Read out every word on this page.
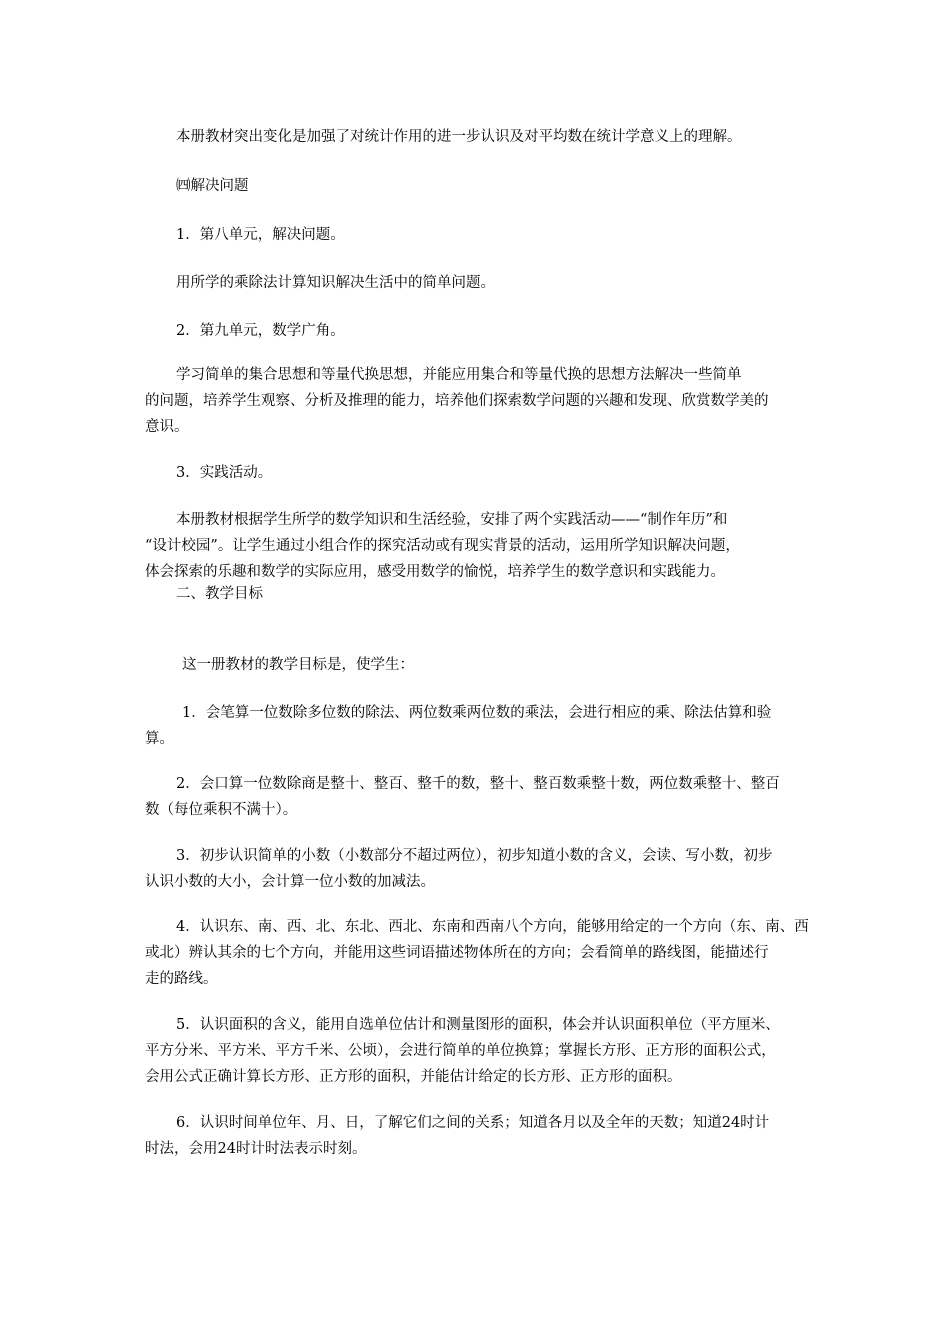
本册教材突出变化是加强了对统计作用的进一步认识及对平均数在统计学意义上的理解。

㈣解决问题

1．第八单元，解决问题。

用所学的乘除法计算知识解决生活中的简单问题。

2．第九单元，数学广角。

学习简单的集合思想和等量代换思想，并能应用集合和等量代换的思想方法解决一些简单
的问题，培养学生观察、分析及推理的能力，培养他们探索数学问题的兴趣和发现、欣赏数学美的
意识。

3．实践活动。

本册教材根据学生所学的数学知识和生活经验，安排了两个实践活动——“制作年历”和
“设计校园”。让学生通过小组合作的探究活动或有现实背景的活动，运用所学知识解决问题，
体会探索的乐趣和数学的实际应用，感受用数学的愉悦，培养学生的数学意识和实践能力。

二、教学目标

这一册教材的教学目标是，使学生：

1．会笔算一位数除多位数的除法、两位数乘两位数的乘法，会进行相应的乘、除法估算和验
算。

2．会口算一位数除商是整十、整百、整千的数，整十、整百数乘整十数，两位数乘整十、整百
数（每位乘积不满十）。

3．初步认识简单的小数（小数部分不超过两位），初步知道小数的含义，会读、写小数，初步
认识小数的大小，会计算一位小数的加减法。

4．认识东、南、西、北、东北、西北、东南和西南八个方向，能够用给定的一个方向（东、南、西
或北）辨认其余的七个方向，并能用这些词语描述物体所在的方向；会看简单的路线图，能描述行
走的路线。

5．认识面积的含义，能用自选单位估计和测量图形的面积，体会并认识面积单位（平方厘米、
平方分米、平方米、平方千米、公顷），会进行简单的单位换算；掌握长方形、正方形的面积公式，
会用公式正确计算长方形、正方形的面积，并能估计给定的长方形、正方形的面积。

6．认识时间单位年、月、日，了解它们之间的关系；知道各月以及全年的天数；知道24时计
时法，会用24时计时法表示时刻。
